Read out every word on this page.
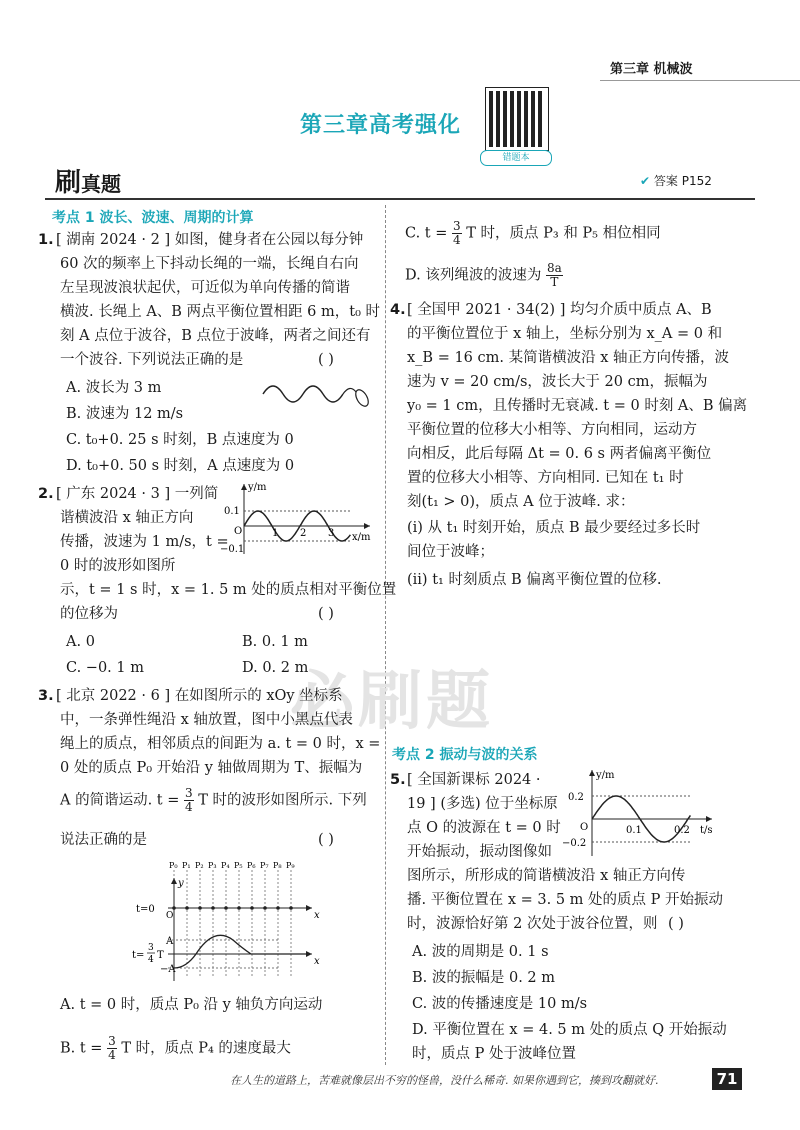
第三章 机械波
第三章高考强化
错题本
刷真题	✔ 答案 P152
必刷题
考点 1 波长、波速、周期的计算
1. [ 湖南 2024 · 2 ] 如图，健身者在公园以每分钟
60 次的频率上下抖动长绳的一端，长绳自右向
左呈现波浪状起伏，可近似为单向传播的简谐
横波. 长绳上 A、B 两点平衡位置相距 6 m，t₀ 时
刻 A 点位于波谷，B 点位于波峰，两者之间还有
一个波谷. 下列说法正确的是	( )
A. 波长为 3 m
B. 波速为 12 m/s
C. t₀+0. 25 s 时刻，B 点速度为 0
D. t₀+0. 50 s 时刻，A 点速度为 0
2. [ 广东 2024 · 3 ] 一列简
谐横波沿 x 轴正方向
传播，波速为 1 m/s，t =
0 时的波形如图所
示，t = 1 s 时，x = 1. 5 m 处的质点相对平衡位置
的位移为	( )
A. 0	B. 0. 1 m
C. −0. 1 m	D. 0. 2 m
y/m
0.1
O
−0.1
1 2 3 x/m
3. [ 北京 2022 · 6 ] 在如图所示的 xOy 坐标系
中，一条弹性绳沿 x 轴放置，图中小黑点代表
绳上的质点，相邻质点的间距为 a. t = 0 时，x =
0 处的质点 P₀ 开始沿 y 轴做周期为 T、振幅为
A 的简谐运动. $t = \frac{3}{4}$ T 时的波形如图所示. 下列
说法正确的是	( )
P₀ P₁ P₂ P₃ P₄ P₅ P₆ P₇ P₈ P₉
t=0
t=
3
4 T
A
−A
O	x
x
y
A. t = 0 时，质点 P₀ 沿 y 轴负方向运动
B. $t = \frac{3}{4}$ T 时，质点 P₄ 的速度最大
C. $t = \frac{3}{4}$ T 时，质点 P₃ 和 P₅ 相位相同
D. 该列绳波的波速为 $\frac{8a}{T}$
4. [ 全国甲 2021 · 34(2) ] 均匀介质中质点 A、B
的平衡位置位于 x 轴上，坐标分别为 x_A = 0 和
x_B = 16 cm. 某简谐横波沿 x 轴正方向传播，波
速为 v = 20 cm/s，波长大于 20 cm，振幅为
y₀ = 1 cm，且传播时无衰减. t = 0 时刻 A、B 偏离
平衡位置的位移大小相等、方向相同，运动方
向相反，此后每隔 Δt = 0. 6 s 两者偏离平衡位
置的位移大小相等、方向相同. 已知在 t₁ 时
刻(t₁ > 0)，质点 A 位于波峰. 求：
(i) 从 t₁ 时刻开始，质点 B 最少要经过多长时
间位于波峰；
(ii) t₁ 时刻质点 B 偏离平衡位置的位移.
考点 2 振动与波的关系
5. [ 全国新课标 2024 ·
19 ] (多选) 位于坐标原
点 O 的波源在 t = 0 时
开始振动，振动图像如
图所示，所形成的简谐横波沿 x 轴正方向传
播. 平衡位置在 x = 3. 5 m 处的质点 P 开始振动
时，波源恰好第 2 次处于波谷位置，则 ( )
A. 波的周期是 0. 1 s
B. 波的振幅是 0. 2 m
C. 波的传播速度是 10 m/s
D. 平衡位置在 x = 4. 5 m 处的质点 Q 开始振动
时，质点 P 处于波峰位置
y/m
0.2
O
−0.2
0.1	0.2 t/s
在人生的道路上，苦难就像层出不穷的怪兽，没什么稀奇. 如果你遇到它，揍到攻翻就好.	71
